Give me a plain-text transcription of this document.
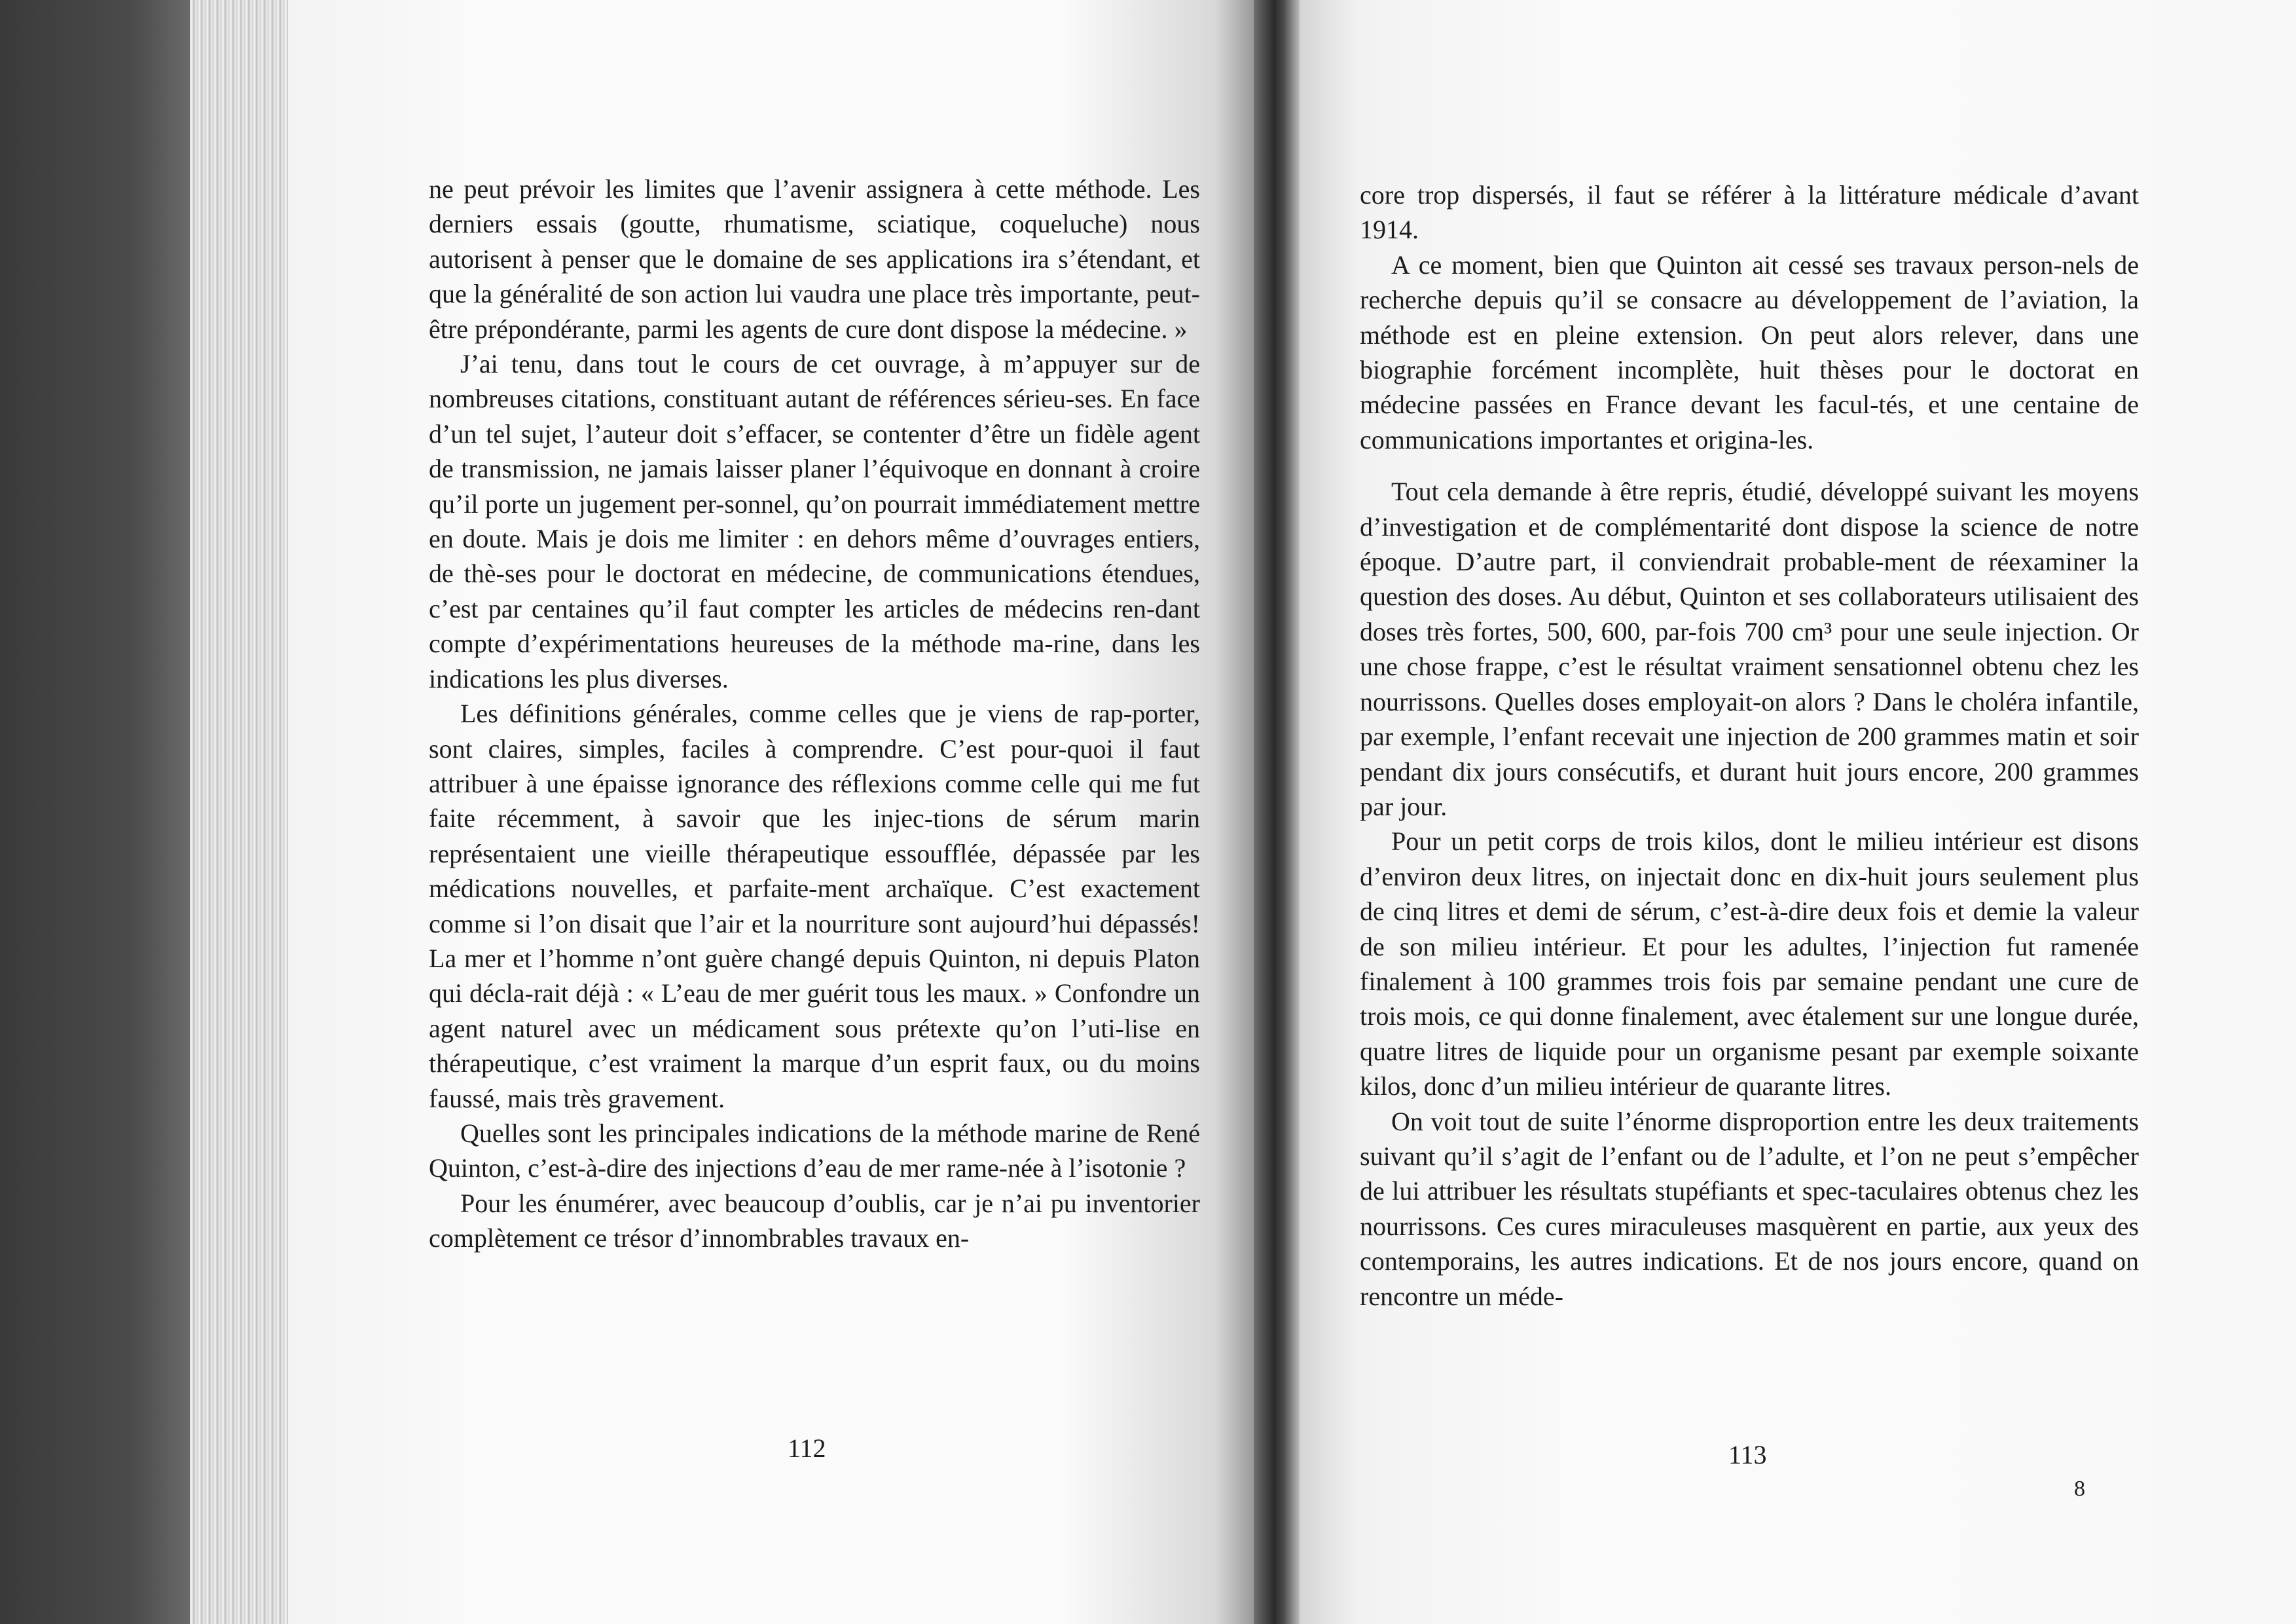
ne peut prévoir les limites que l’avenir assignera à cette méthode. Les derniers essais (goutte, rhumatisme, sciatique, coqueluche) nous autorisent à penser que le domaine de ses applications ira s’étendant, et que la généralité de son action lui vaudra une place très importante, peut-être prépondérante, parmi les agents de cure dont dispose la médecine. »

J’ai tenu, dans tout le cours de cet ouvrage, à m’appuyer sur de nombreuses citations, constituant autant de références sérieu-ses. En face d’un tel sujet, l’auteur doit s’effacer, se contenter d’être un fidèle agent de transmission, ne jamais laisser planer l’équivoque en donnant à croire qu’il porte un jugement per-sonnel, qu’on pourrait immédiatement mettre en doute. Mais je dois me limiter : en dehors même d’ouvrages entiers, de thè-ses pour le doctorat en médecine, de communications étendues, c’est par centaines qu’il faut compter les articles de médecins ren-dant compte d’expérimentations heureuses de la méthode ma-rine, dans les indications les plus diverses.

Les définitions générales, comme celles que je viens de rap-porter, sont claires, simples, faciles à comprendre. C’est pour-quoi il faut attribuer à une épaisse ignorance des réflexions comme celle qui me fut faite récemment, à savoir que les injec-tions de sérum marin représentaient une vieille thérapeutique essoufflée, dépassée par les médications nouvelles, et parfaite-ment archaïque. C’est exactement comme si l’on disait que l’air et la nourriture sont aujourd’hui dépassés! La mer et l’homme n’ont guère changé depuis Quinton, ni depuis Platon qui décla-rait déjà : « L’eau de mer guérit tous les maux. » Confondre un agent naturel avec un médicament sous prétexte qu’on l’uti-lise en thérapeutique, c’est vraiment la marque d’un esprit faux, ou du moins faussé, mais très gravement.

Quelles sont les principales indications de la méthode marine de René Quinton, c’est-à-dire des injections d’eau de mer rame-née à l’isotonie ?

Pour les énumérer, avec beaucoup d’oublis, car je n’ai pu inventorier complètement ce trésor d’innombrables travaux en-

112

core trop dispersés, il faut se référer à la littérature médicale d’avant 1914.

A ce moment, bien que Quinton ait cessé ses travaux person-nels de recherche depuis qu’il se consacre au développement de l’aviation, la méthode est en pleine extension. On peut alors relever, dans une biographie forcément incomplète, huit thèses pour le doctorat en médecine passées en France devant les facul-tés, et une centaine de communications importantes et origina-les.

Tout cela demande à être repris, étudié, développé suivant les moyens d’investigation et de complémentarité dont dispose la science de notre époque. D’autre part, il conviendrait probable-ment de réexaminer la question des doses. Au début, Quinton et ses collaborateurs utilisaient des doses très fortes, 500, 600, par-fois 700 cm³ pour une seule injection. Or une chose frappe, c’est le résultat vraiment sensationnel obtenu chez les nourrissons. Quelles doses employait-on alors ? Dans le choléra infantile, par exemple, l’enfant recevait une injection de 200 grammes matin et soir pendant dix jours consécutifs, et durant huit jours encore, 200 grammes par jour.

Pour un petit corps de trois kilos, dont le milieu intérieur est disons d’environ deux litres, on injectait donc en dix-huit jours seulement plus de cinq litres et demi de sérum, c’est-à-dire deux fois et demie la valeur de son milieu intérieur. Et pour les adultes, l’injection fut ramenée finalement à 100 grammes trois fois par semaine pendant une cure de trois mois, ce qui donne finalement, avec étalement sur une longue durée, quatre litres de liquide pour un organisme pesant par exemple soixante kilos, donc d’un milieu intérieur de quarante litres.

On voit tout de suite l’énorme disproportion entre les deux traitements suivant qu’il s’agit de l’enfant ou de l’adulte, et l’on ne peut s’empêcher de lui attribuer les résultats stupéfiants et spec-taculaires obtenus chez les nourrissons. Ces cures miraculeuses masquèrent en partie, aux yeux des contemporains, les autres indications. Et de nos jours encore, quand on rencontre un méde-

113
8
